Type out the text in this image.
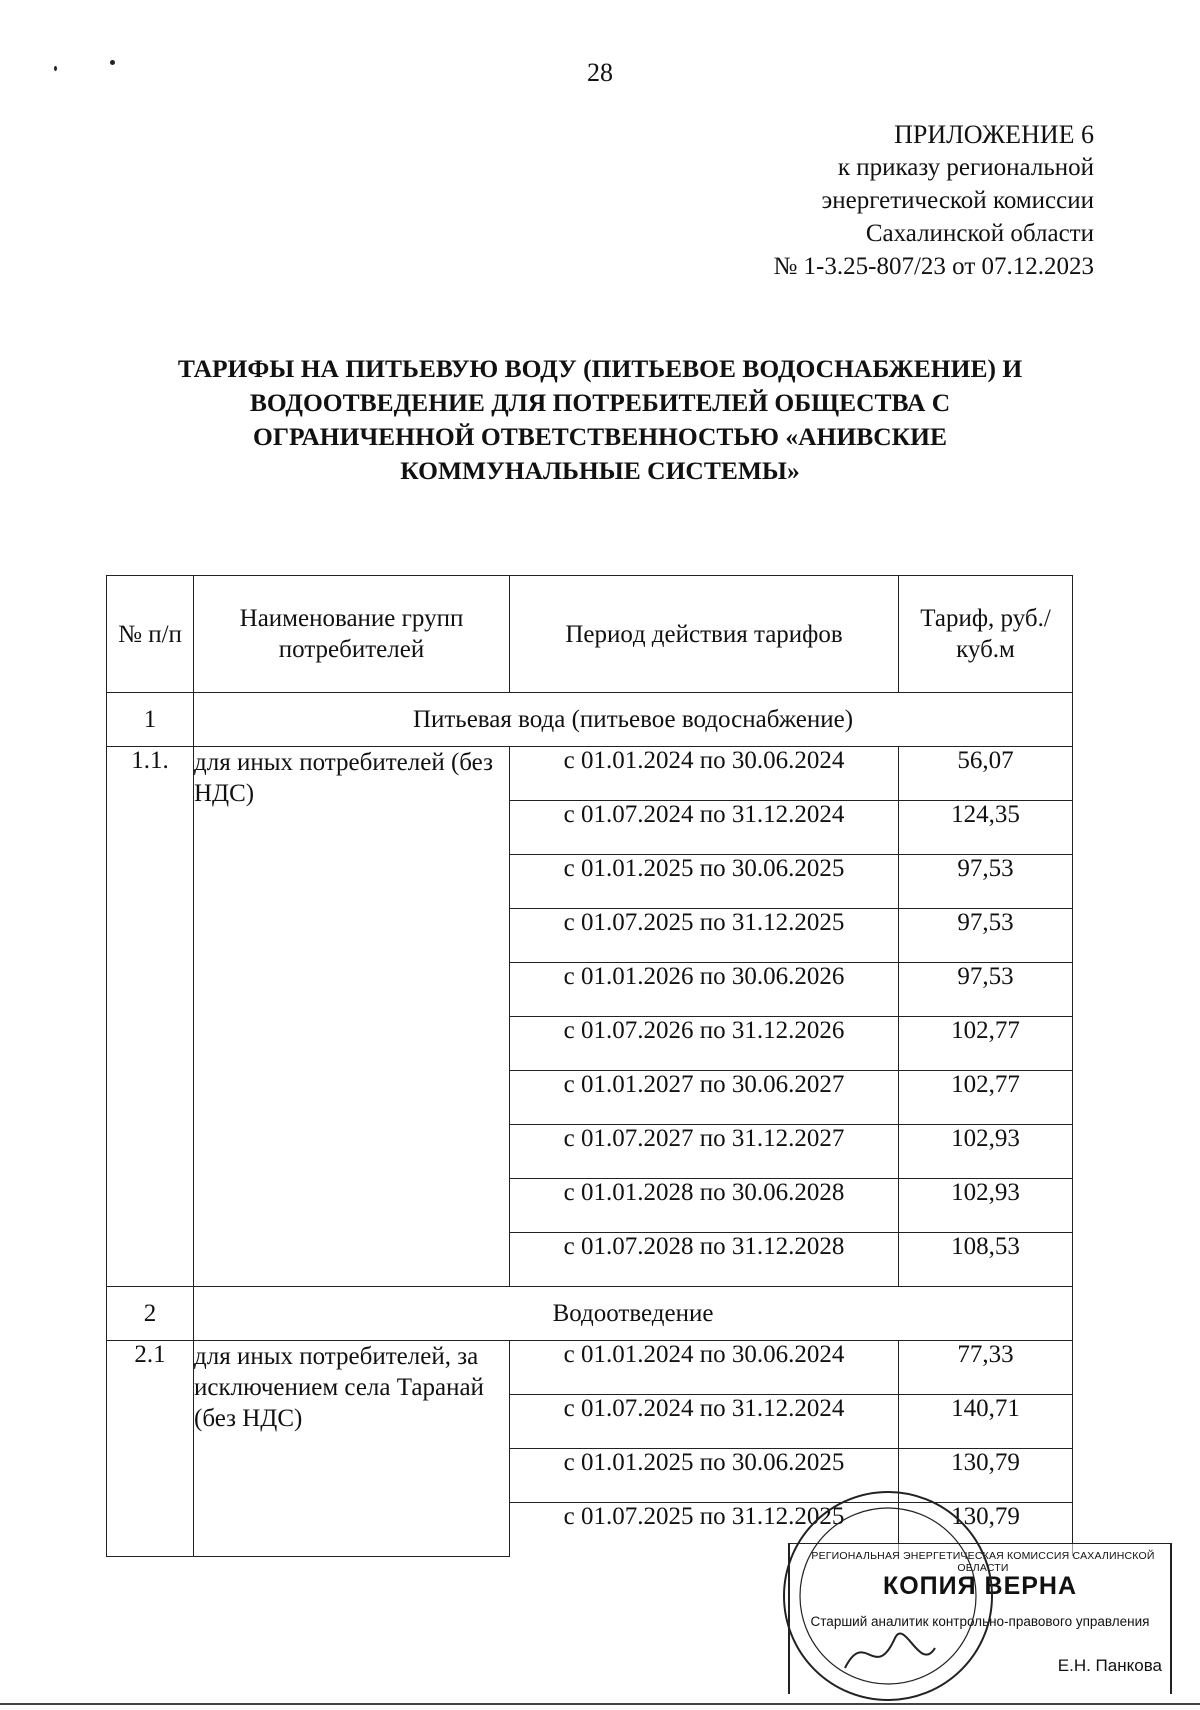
28
ПРИЛОЖЕНИЕ 6
к приказу региональной
энергетической комиссии
Сахалинской области
№ 1-3.25-807/23 от 07.12.2023
ТАРИФЫ НА ПИТЬЕВУЮ ВОДУ (ПИТЬЕВОЕ ВОДОСНАБЖЕНИЕ) И
ВОДООТВЕДЕНИЕ ДЛЯ ПОТРЕБИТЕЛЕЙ ОБЩЕСТВА С
ОГРАНИЧЕННОЙ ОТВЕТСТВЕННОСТЬЮ «АНИВСКИЕ
КОММУНАЛЬНЫЕ СИСТЕМЫ»
№ п/п	Наименование групп потребителей	Периoд действия тарифов	Тариф, руб./куб.м
1	Питьевая вода (питьевое водоснабжение)		
1.1.	для иных потребителей (без НДС)	с 01.01.2024 по 30.06.2024	56,07
		с 01.07.2024 по 31.12.2024	124,35
		с 01.01.2025 по 30.06.2025	97,53
		с 01.07.2025 по 31.12.2025	97,53
		с 01.01.2026 по 30.06.2026	97,53
		с 01.07.2026 по 31.12.2026	102,77
		с 01.01.2027 по 30.06.2027	102,77
		с 01.07.2027 по 31.12.2027	102,93
		с 01.01.2028 по 30.06.2028	102,93
		с 01.07.2028 по 31.12.2028	108,53
2	Водоотведение		
2.1	для иных потребителей, за исключением села Таранай (без НДС)	с 01.01.2024 по 30.06.2024	77,33
		с 01.07.2024 по 31.12.2024	140,71
		с 01.01.2025 по 30.06.2025	130,79
		с 01.07.2025 по 31.12.2025	130,79
РЕГИОНАЛЬНАЯ ЭНЕРГЕТИЧЕСКАЯ КОМИССИЯ САХАЛИНСКОЙ ОБЛАСТИ
КОПИЯ ВЕРНА
Старший аналитик контрольно-правового управления
Е.Н. Панкова
